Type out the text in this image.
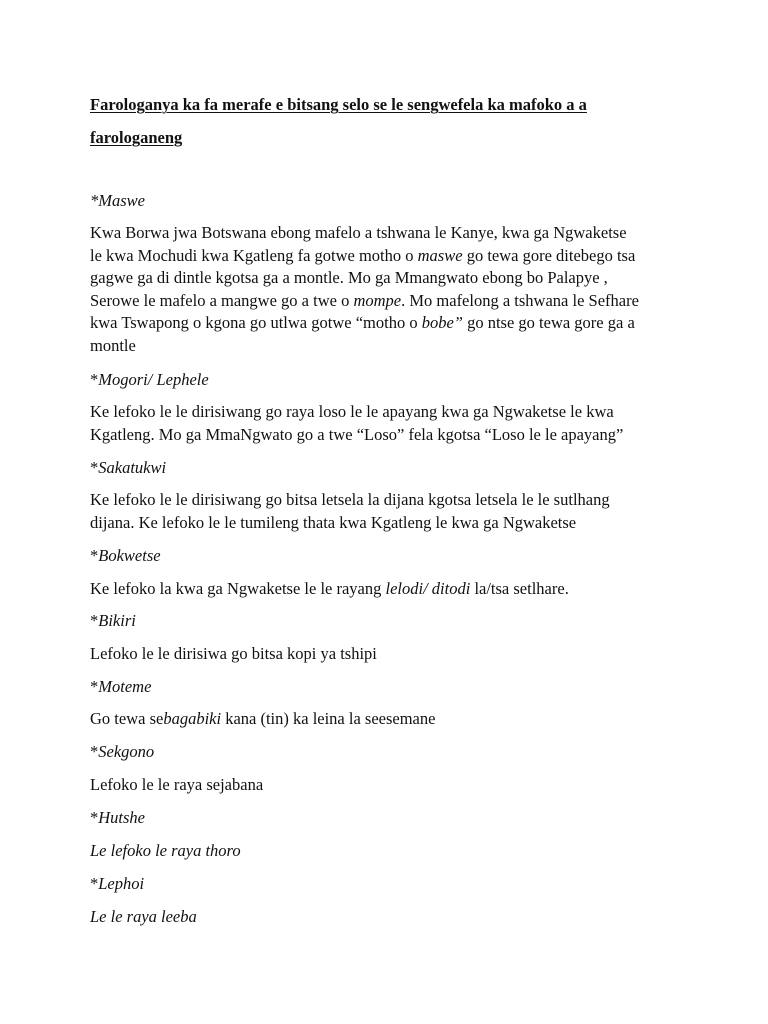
Farologanya ka fa merafe e bitsang selo se le sengwefela ka mafoko a a
farologaneng
*Maswe
Kwa Borwa jwa Botswana ebong mafelo a tshwana le Kanye, kwa ga Ngwaketse
le kwa Mochudi kwa Kgatleng fa gotwe motho o maswe go tewa gore ditebego tsa
gagwe ga di dintle kgotsa ga a montle. Mo ga Mmangwato ebong bo Palapye ,
Serowe le mafelo a mangwe go a twe o mompe. Mo mafelong a tshwana le Sefhare
kwa Tswapong o kgona go utlwa gotwe “motho o bobe” go ntse go tewa gore ga a
montle
*Mogori/ Lephele
Ke lefoko le le dirisiwang go raya loso le le apayang kwa ga Ngwaketse le kwa
Kgatleng. Mo ga MmaNgwato go a twe “Loso” fela kgotsa “Loso le le apayang”
*Sakatukwi
Ke lefoko le le dirisiwang go bitsa letsela la dijana kgotsa letsela le le sutlhang
dijana. Ke lefoko le le tumileng thata kwa Kgatleng le kwa ga Ngwaketse
*Bokwetse
Ke lefoko la kwa ga Ngwaketse le le rayang lelodi/ ditodi la/tsa setlhare.
*Bikiri
Lefoko le le dirisiwa go bitsa kopi ya tshipi
*Moteme
Go tewa sebagabiki kana (tin) ka leina la seesemane
*Sekgono
Lefoko le le raya sejabana
*Hutshe
Le lefoko le raya thoro
*Lephoi
Le le raya leeba
